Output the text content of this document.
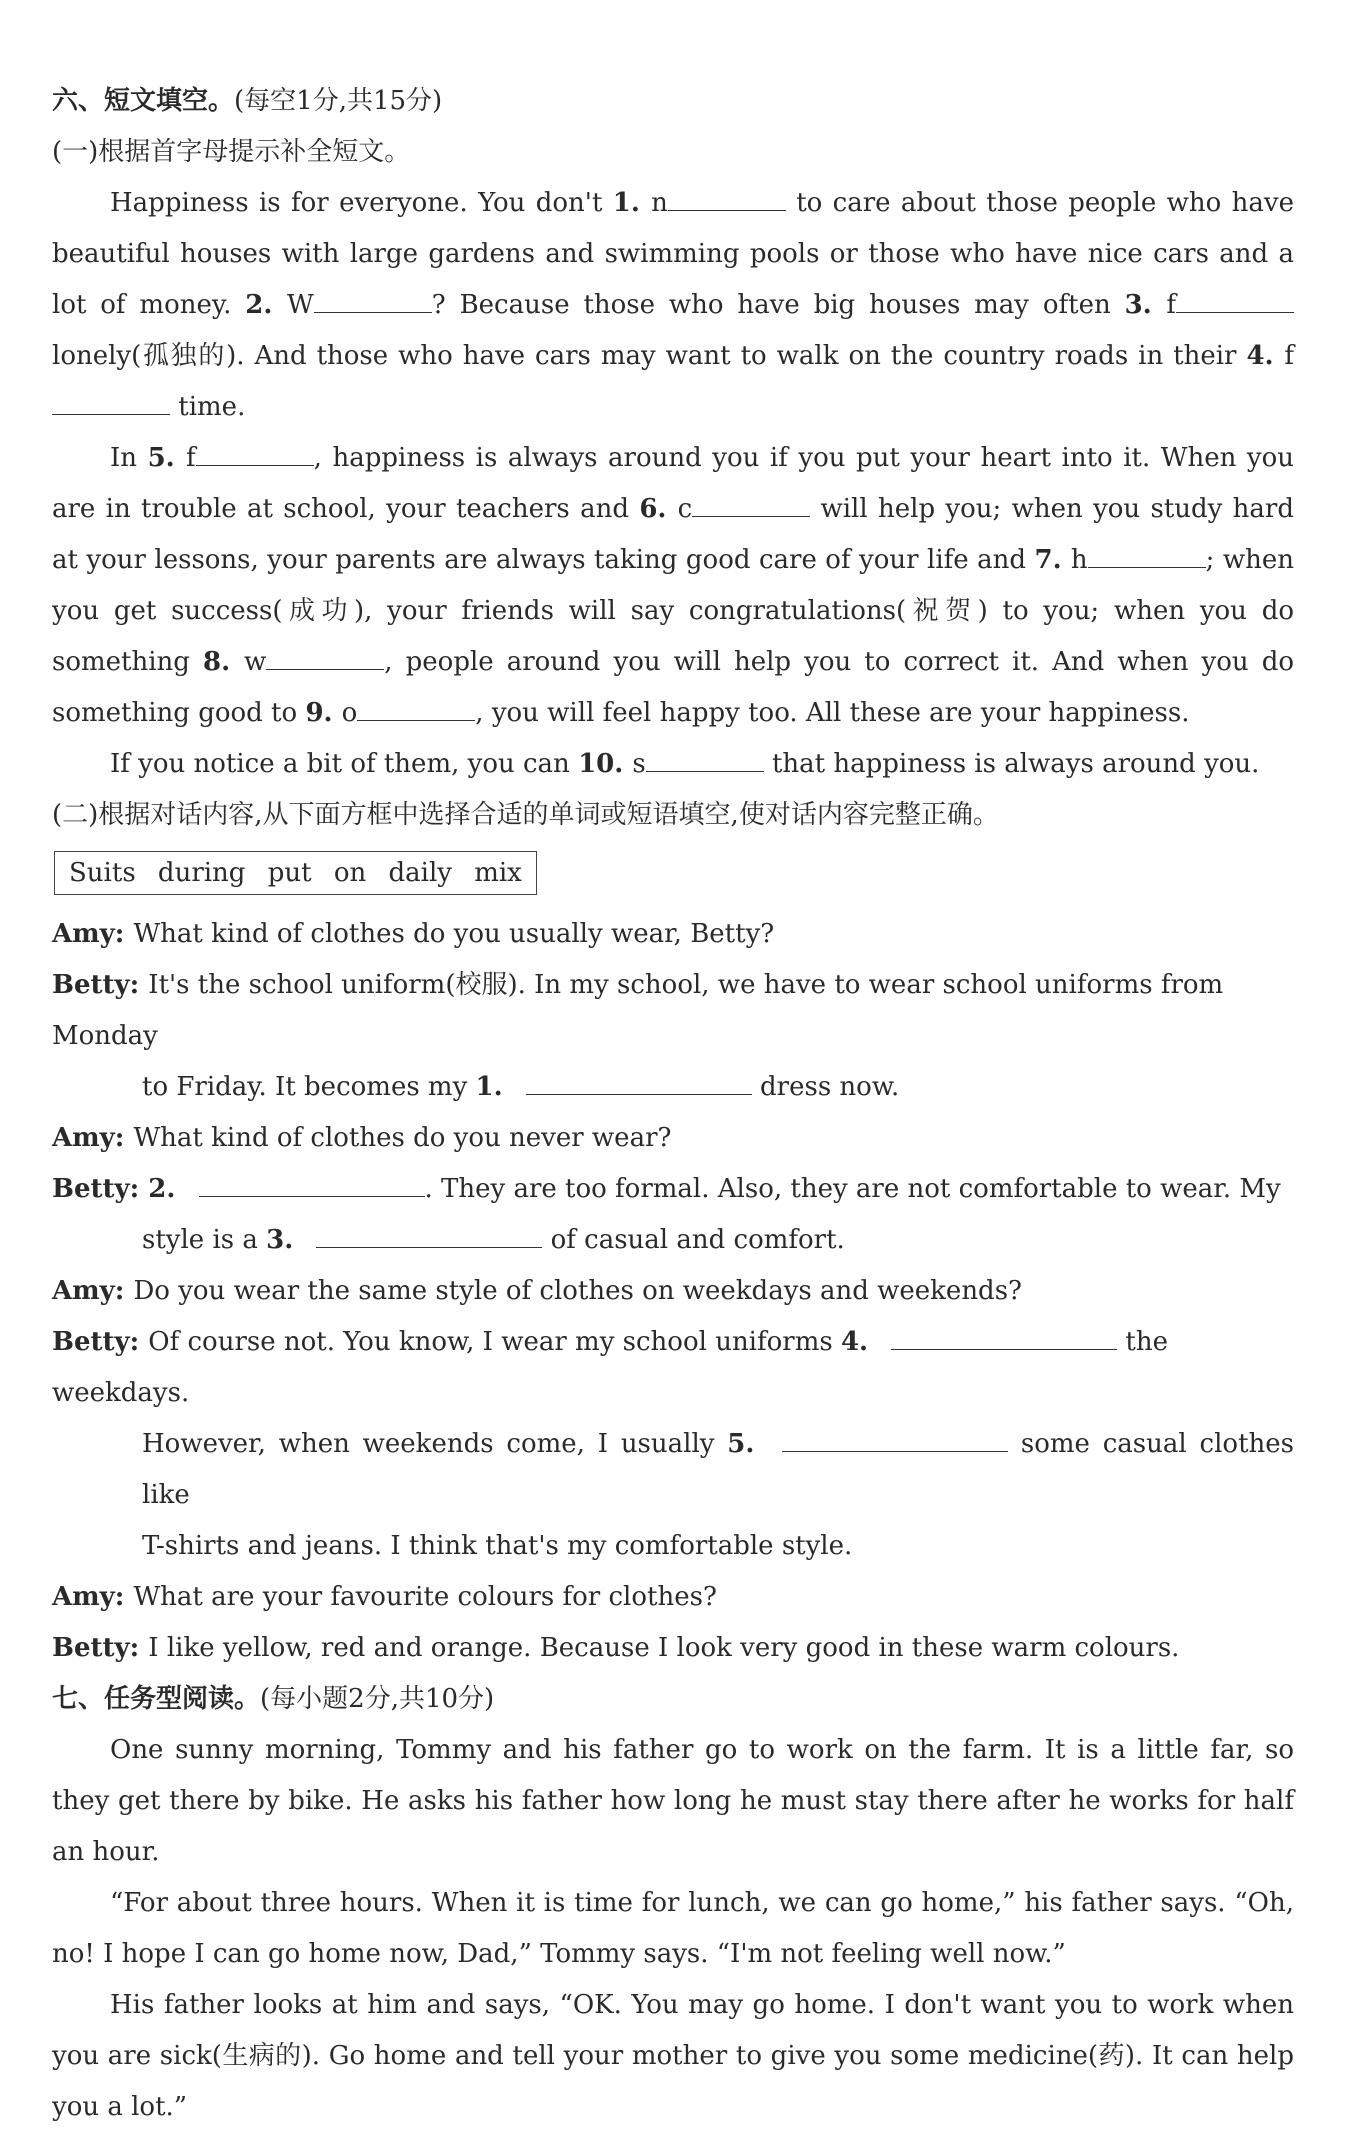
六、短文填空。(每空1分,共15分)
(一)根据首字母提示补全短文。

Happiness is for everyone. You don't 1. n	to care about those people who have beautiful houses with large gardens and swimming pools or those who have nice cars and a lot of money. 2. W	? Because those who have big houses may often 3. f lonely(孤独的). And those who have cars may want to walk on the country roads in their 4. f time.

In 5. f	, happiness is always around you if you put your heart into it. When you are in trouble at school, your teachers and 6. c	will help you; when you study hard at your lessons, your parents are always taking good care of your life and 7. h	; when you get success(成功), your friends will say congratulations(祝贺) to you; when you do something 8. w	, people around you will help you to correct it. And when you do something good to 9. o	, you will feel happy too. All these are your happiness.

If you notice a bit of them, you can 10. s	that happiness is always around you.

(二)根据对话内容,从下面方框中选择合适的单词或短语填空,使对话内容完整正确。
Suits during put on daily mix
Amy: What kind of clothes do you usually wear, Betty?
Betty: It's the school uniform(校服). In my school, we have to wear school uniforms from Monday
to Friday. It becomes my 1.	dress now.
Amy: What kind of clothes do you never wear?
Betty: 2.	. They are too formal. Also, they are not comfortable to wear. My
style is a 3.	of casual and comfort.
Amy: Do you wear the same style of clothes on weekdays and weekends?
Betty: Of course not. You know, I wear my school uniforms 4.	the weekdays.
However, when weekends come, I usually 5.	some casual clothes like
T-shirts and jeans. I think that's my comfortable style.
Amy: What are your favourite colours for clothes?
Betty: I like yellow, red and orange. Because I look very good in these warm colours.
七、任务型阅读。(每小题2分,共10分)

One sunny morning, Tommy and his father go to work on the farm. It is a little far, so they get there by bike. He asks his father how long he must stay there after he works for half an hour.

“For about three hours. When it is time for lunch, we can go home,” his father says. “Oh, no! I hope I can go home now, Dad,” Tommy says. “I'm not feeling well now.”

His father looks at him and says, “OK. You may go home. I don't want you to work when you are sick(生病的). Go home and tell your mother to give you some medicine(药). It can help you a lot.”
